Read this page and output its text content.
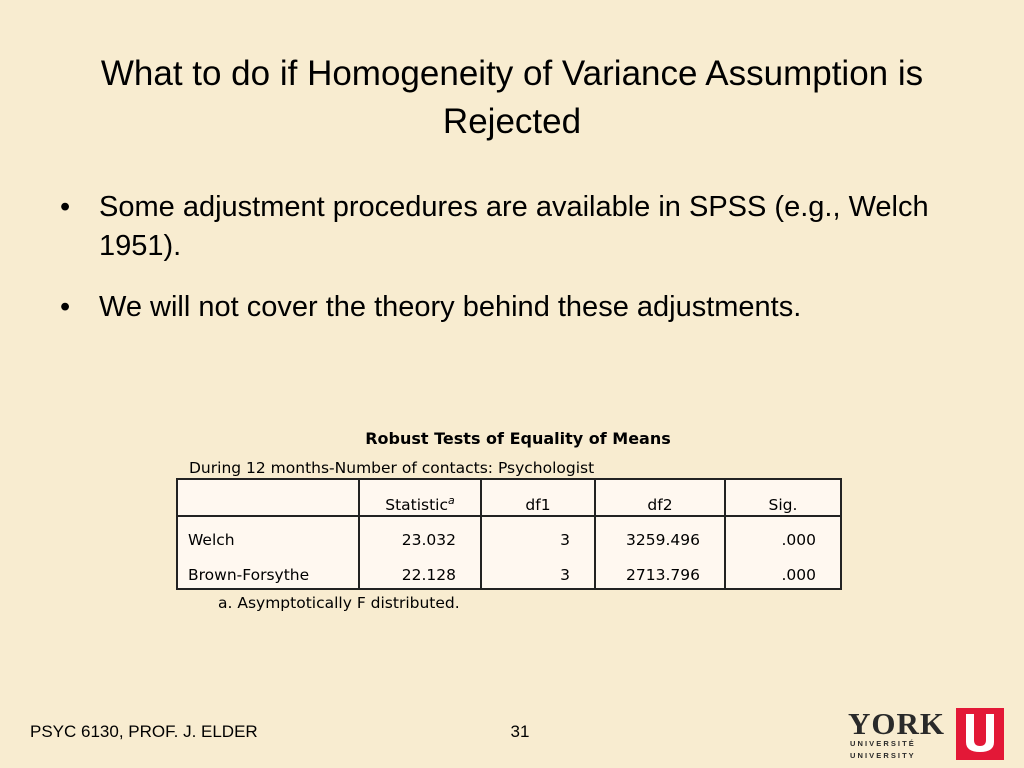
What to do if Homogeneity of Variance Assumption is Rejected
• Some adjustment procedures are available in SPSS (e.g., Welch 1951).
• We will not cover the theory behind these adjustments.
Robust Tests of Equality of Means
During 12 months-Number of contacts: Psychologist
	Statistic$^a$	df1	df2	Sig.
Welch	23.032	3	3259.496	.000
Brown-Forsythe	22.128	3	2713.796	.000
a. Asymptotically F distributed.
PSYC 6130, PROF. J. ELDER	31	YORK
U N I V E R S I T É
U N I V E R S I T Y
